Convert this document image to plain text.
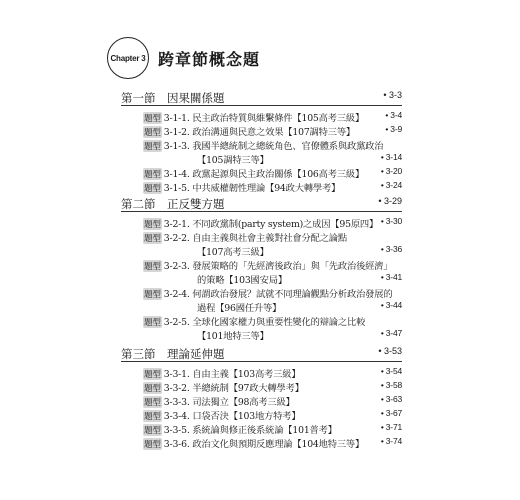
Chapter 3 跨章節概念題
第一節　因果關係題	• 3-3
題型 3-1-1. 民主政治特質與維繫條件【105高考三級】 • 3-4
題型 3-1-2. 政治溝通與民意之效果【107調特三等】	• 3-9
題型 3-1-3. 我國半總統制之總統角色、官僚體系與政黨政治
【105調特三等】	• 3-14
題型 3-1-4. 政黨起源與民主政治關係【106高考三級】 • 3-20
題型 3-1-5. 中共威權韌性理論【94政大轉學考】	• 3-24
第二節　正反雙方題	• 3-29
題型 3-2-1. 不同政黨制(party system)之成因【95原四】 • 3-30
題型 3-2-2. 自由主義與社會主義對社會分配之論點
【107高考三級】	• 3-36
題型 3-2-3. 發展策略的「先經濟後政治」與「先政治後經濟」
的策略【103國安局】	• 3-41
題型 3-2-4. 何謂政治發展？試就不同理論觀點分析政治發展的
過程【96國任升等】	• 3-44
題型 3-2-5. 全球化國家權力與重要性變化的辯論之比較
【101地特三等】	• 3-47
第三節　理論延伸題	• 3-53
題型 3-3-1. 自由主義【103高考三級】	• 3-54
題型 3-3-2. 半總統制【97政大轉學考】	• 3-58
題型 3-3-3. 司法獨立【98高考三級】	• 3-63
題型 3-3-4. 口袋否決【103地方特考】	• 3-67
題型 3-3-5. 系統論與修正後系統論【101普考】	• 3-71
題型 3-3-6. 政治文化與預期反應理論【104地特三等】 • 3-74
